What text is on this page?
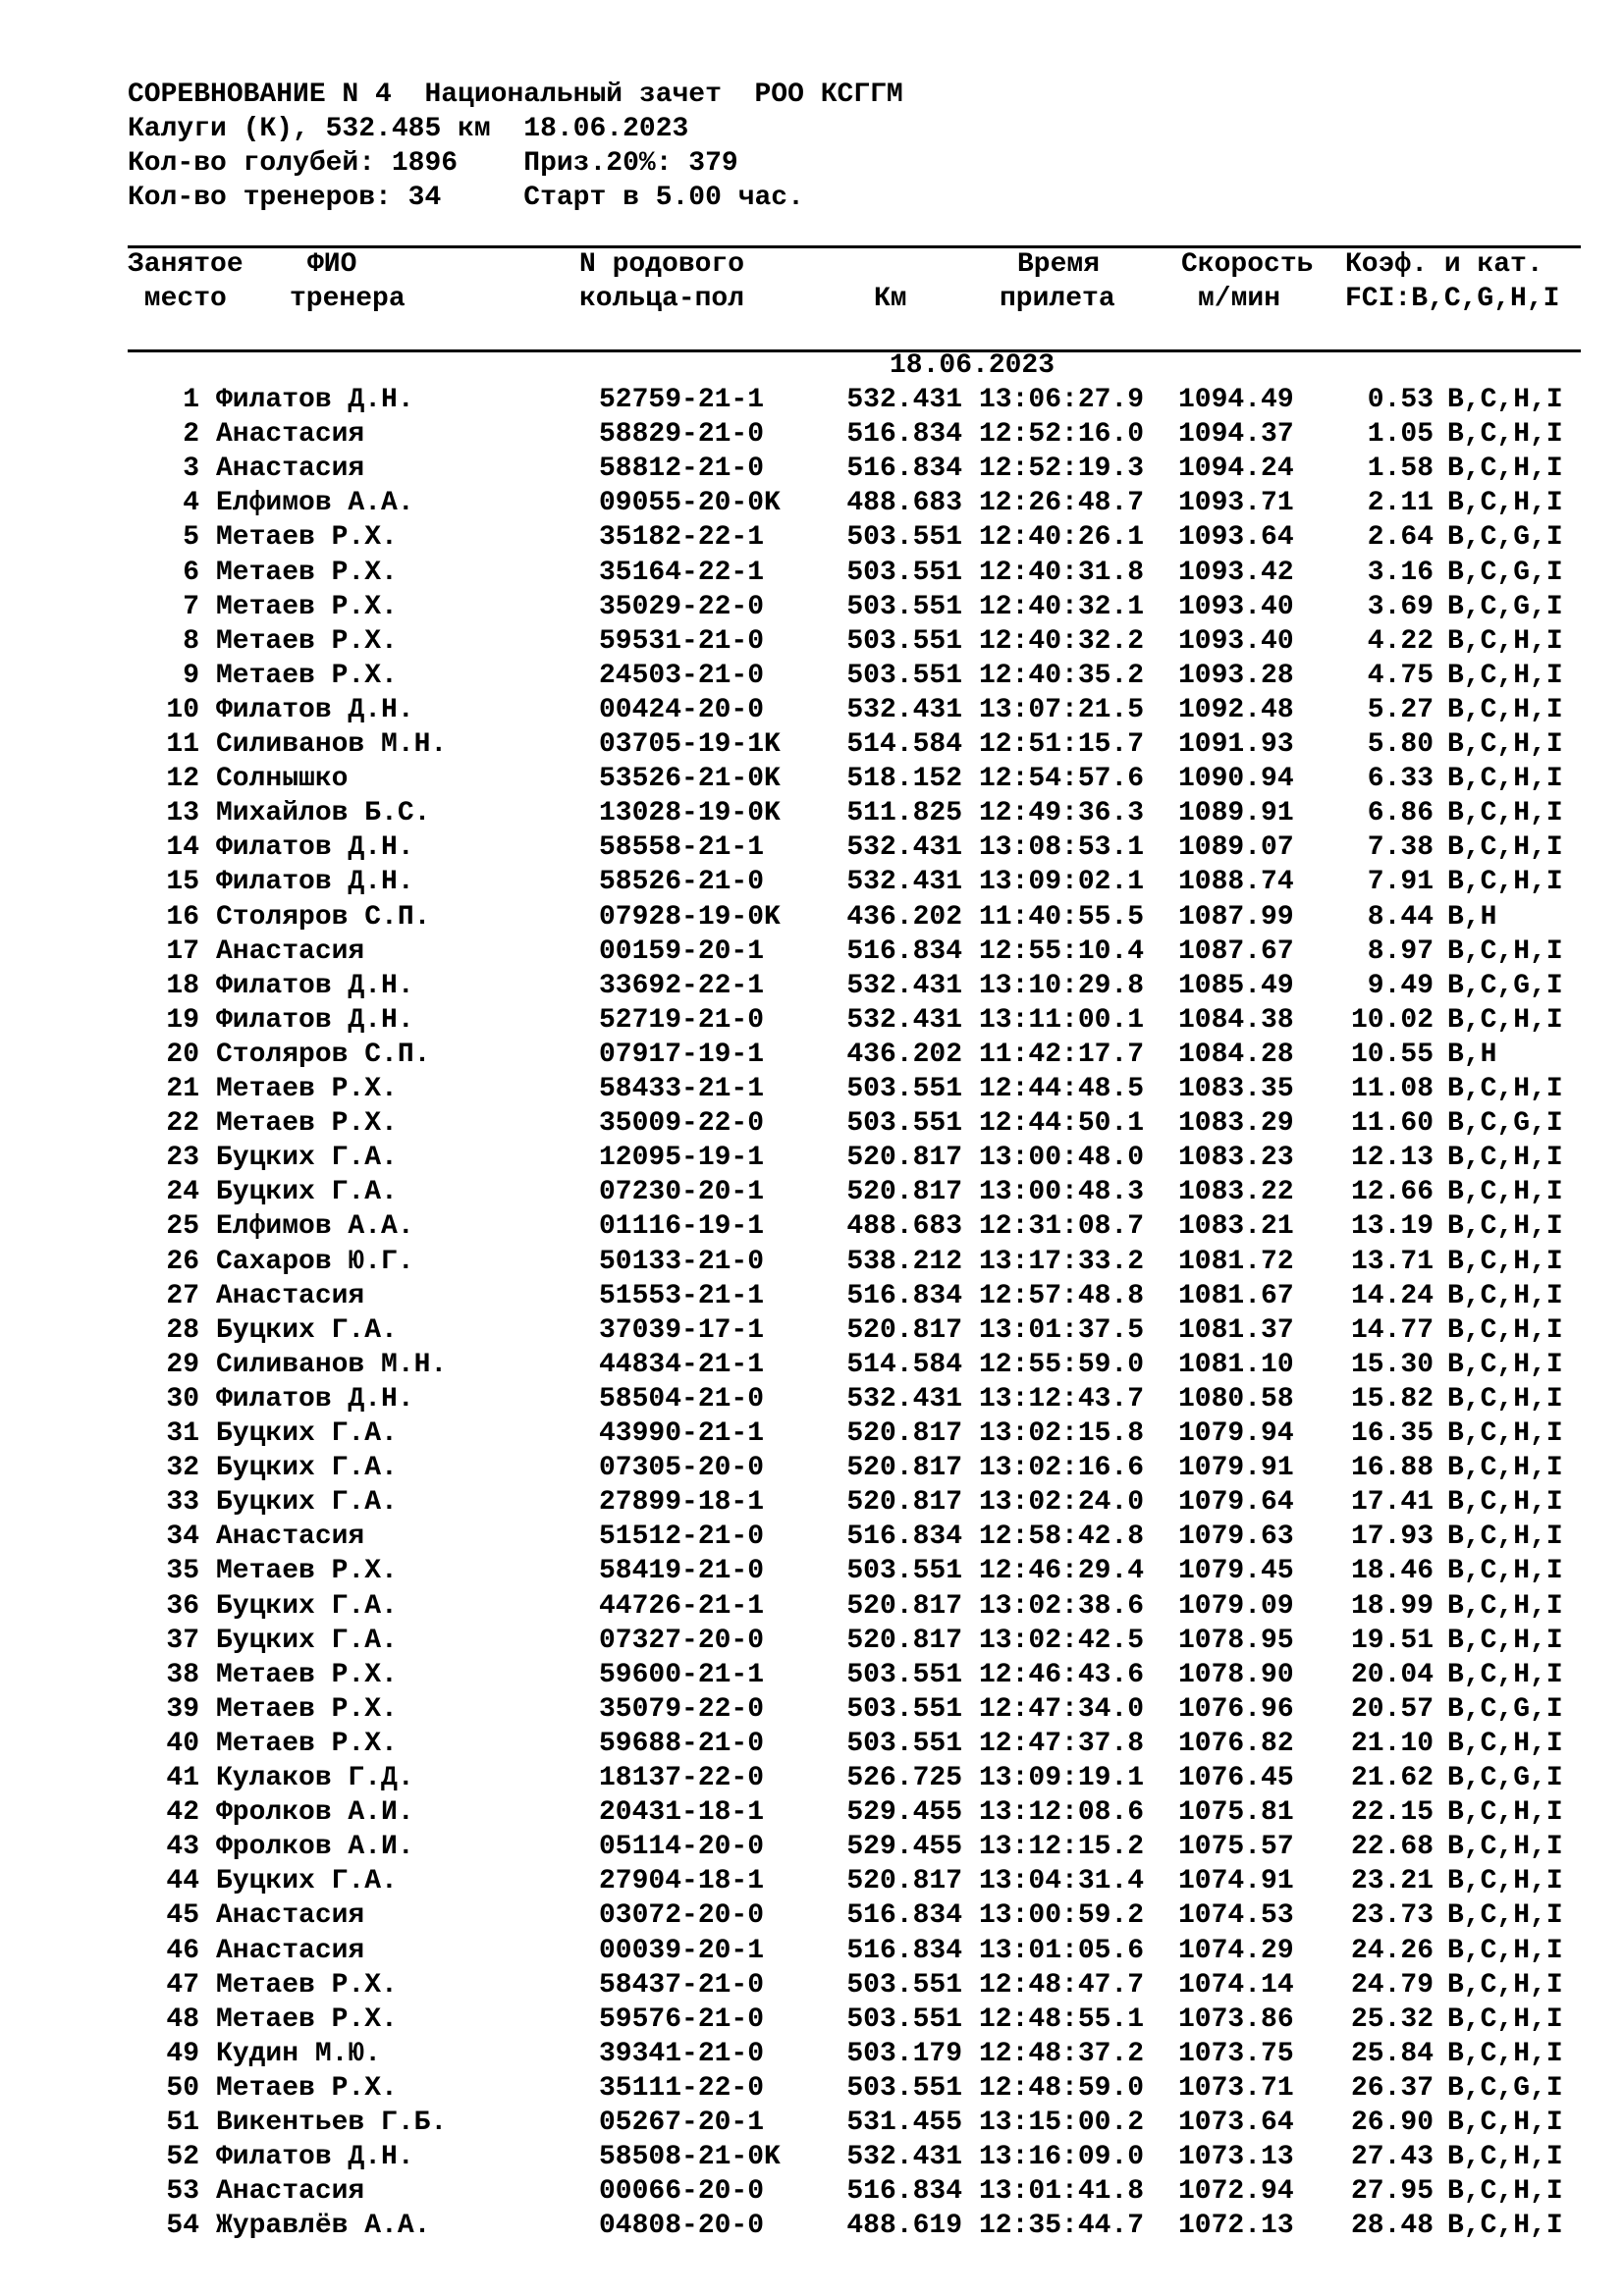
СОРЕВНОВАНИЕ N 4  Национальный зачет  РОО КСГГМ
Калуги (К), 532.485 км  18.06.2023
Кол-во голубей: 1896    Приз.20%: 379
Кол-во тренеров: 34     Старт в 5.00 час.
Занятое
место
ФИО
тренера
N родового
кольца-пол	Км
Время
прилета
Скорость
м/мин
Коэф. и кат.
FCI:B,C,G,H,I
18.06.2023
1 Филатов Д.Н.	52759-21-1	532.431 13:06:27.9	1094.49	0.53 B,C,H,I
2 Анастасия	58829-21-0	516.834 12:52:16.0	1094.37	1.05 B,C,H,I
3 Анастасия	58812-21-0	516.834 12:52:19.3	1094.24	1.58 B,C,H,I
4 Елфимов А.А.	09055-20-0K	488.683 12:26:48.7	1093.71	2.11 B,C,H,I
5 Метаев Р.Х.	35182-22-1	503.551 12:40:26.1	1093.64	2.64 B,C,G,I
6 Метаев Р.Х.	35164-22-1	503.551 12:40:31.8	1093.42	3.16 B,C,G,I
7 Метаев Р.Х.	35029-22-0	503.551 12:40:32.1	1093.40	3.69 B,C,G,I
8 Метаев Р.Х.	59531-21-0	503.551 12:40:32.2	1093.40	4.22 B,C,H,I
9 Метаев Р.Х.	24503-21-0	503.551 12:40:35.2	1093.28	4.75 B,C,H,I
10 Филатов Д.Н.	00424-20-0	532.431 13:07:21.5	1092.48	5.27 B,C,H,I
11 Силиванов М.Н.	03705-19-1K	514.584 12:51:15.7	1091.93	5.80 B,C,H,I
12 Солнышко	53526-21-0K	518.152 12:54:57.6	1090.94	6.33 B,C,H,I
13 Михайлов Б.С.	13028-19-0K	511.825 12:49:36.3	1089.91	6.86 B,C,H,I
14 Филатов Д.Н.	58558-21-1	532.431 13:08:53.1	1089.07	7.38 B,C,H,I
15 Филатов Д.Н.	58526-21-0	532.431 13:09:02.1	1088.74	7.91 B,C,H,I
16 Столяров С.П.	07928-19-0K	436.202 11:40:55.5	1087.99	8.44 B,H
17 Анастасия	00159-20-1	516.834 12:55:10.4	1087.67	8.97 B,C,H,I
18 Филатов Д.Н.	33692-22-1	532.431 13:10:29.8	1085.49	9.49 B,C,G,I
19 Филатов Д.Н.	52719-21-0	532.431 13:11:00.1	1084.38	10.02 B,C,H,I
20 Столяров С.П.	07917-19-1	436.202 11:42:17.7	1084.28	10.55 B,H
21 Метаев Р.Х.	58433-21-1	503.551 12:44:48.5	1083.35	11.08 B,C,H,I
22 Метаев Р.Х.	35009-22-0	503.551 12:44:50.1	1083.29	11.60 B,C,G,I
23 Буцких Г.А.	12095-19-1	520.817 13:00:48.0	1083.23	12.13 B,C,H,I
24 Буцких Г.А.	07230-20-1	520.817 13:00:48.3	1083.22	12.66 B,C,H,I
25 Елфимов А.А.	01116-19-1	488.683 12:31:08.7	1083.21	13.19 B,C,H,I
26 Сахаров Ю.Г.	50133-21-0	538.212 13:17:33.2	1081.72	13.71 B,C,H,I
27 Анастасия	51553-21-1	516.834 12:57:48.8	1081.67	14.24 B,C,H,I
28 Буцких Г.А.	37039-17-1	520.817 13:01:37.5	1081.37	14.77 B,C,H,I
29 Силиванов М.Н.	44834-21-1	514.584 12:55:59.0	1081.10	15.30 B,C,H,I
30 Филатов Д.Н.	58504-21-0	532.431 13:12:43.7	1080.58	15.82 B,C,H,I
31 Буцких Г.А.	43990-21-1	520.817 13:02:15.8	1079.94	16.35 B,C,H,I
32 Буцких Г.А.	07305-20-0	520.817 13:02:16.6	1079.91	16.88 B,C,H,I
33 Буцких Г.А.	27899-18-1	520.817 13:02:24.0	1079.64	17.41 B,C,H,I
34 Анастасия	51512-21-0	516.834 12:58:42.8	1079.63	17.93 B,C,H,I
35 Метаев Р.Х.	58419-21-0	503.551 12:46:29.4	1079.45	18.46 B,C,H,I
36 Буцких Г.А.	44726-21-1	520.817 13:02:38.6	1079.09	18.99 B,C,H,I
37 Буцких Г.А.	07327-20-0	520.817 13:02:42.5	1078.95	19.51 B,C,H,I
38 Метаев Р.Х.	59600-21-1	503.551 12:46:43.6	1078.90	20.04 B,C,H,I
39 Метаев Р.Х.	35079-22-0	503.551 12:47:34.0	1076.96	20.57 B,C,G,I
40 Метаев Р.Х.	59688-21-0	503.551 12:47:37.8	1076.82	21.10 B,C,H,I
41 Кулаков Г.Д.	18137-22-0	526.725 13:09:19.1	1076.45	21.62 B,C,G,I
42 Фролков А.И.	20431-18-1	529.455 13:12:08.6	1075.81	22.15 B,C,H,I
43 Фролков А.И.	05114-20-0	529.455 13:12:15.2	1075.57	22.68 B,C,H,I
44 Буцких Г.А.	27904-18-1	520.817 13:04:31.4	1074.91	23.21 B,C,H,I
45 Анастасия	03072-20-0	516.834 13:00:59.2	1074.53	23.73 B,C,H,I
46 Анастасия	00039-20-1	516.834 13:01:05.6	1074.29	24.26 B,C,H,I
47 Метаев Р.Х.	58437-21-0	503.551 12:48:47.7	1074.14	24.79 B,C,H,I
48 Метаев Р.Х.	59576-21-0	503.551 12:48:55.1	1073.86	25.32 B,C,H,I
49 Кудин М.Ю.	39341-21-0	503.179 12:48:37.2	1073.75	25.84 B,C,H,I
50 Метаев Р.Х.	35111-22-0	503.551 12:48:59.0	1073.71	26.37 B,C,G,I
51 Викентьев Г.Б.	05267-20-1	531.455 13:15:00.2	1073.64	26.90 B,C,H,I
52 Филатов Д.Н.	58508-21-0K	532.431 13:16:09.0	1073.13	27.43 B,C,H,I
53 Анастасия	00066-20-0	516.834 13:01:41.8	1072.94	27.95 B,C,H,I
54 Журавлёв А.А.	04808-20-0	488.619 12:35:44.7	1072.13	28.48 B,C,H,I
